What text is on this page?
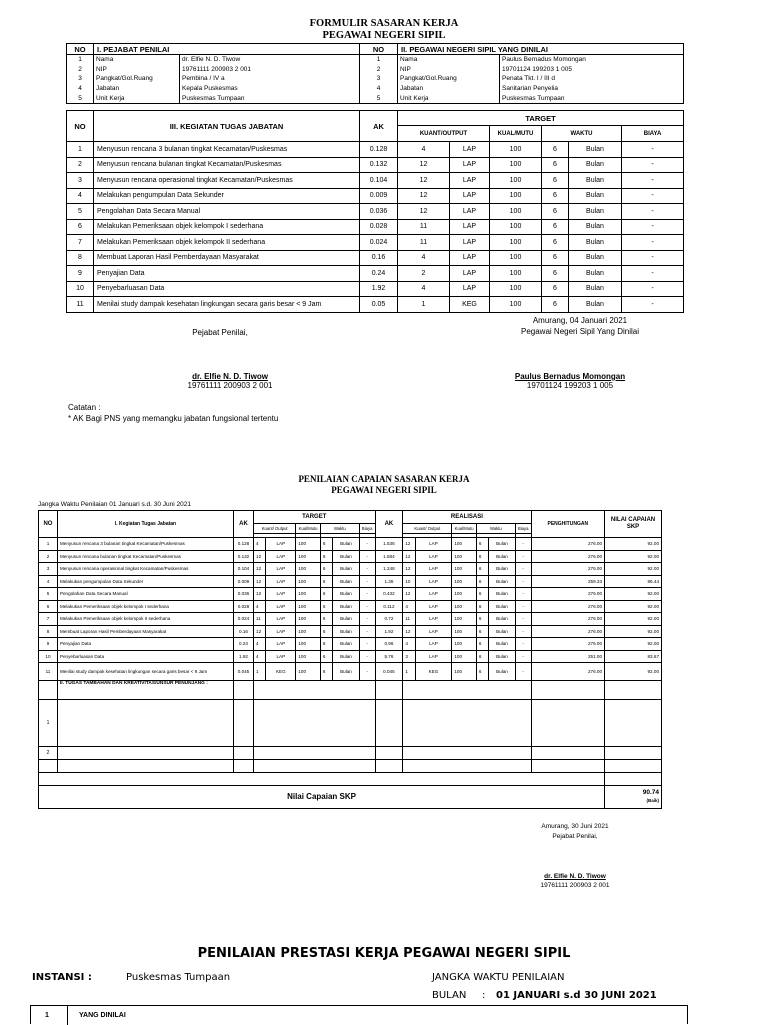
FORMULIR SASARAN KERJA
PEGAWAI NEGERI SIPIL
NO	I. PEJABAT PENILAI		NO	II. PEGAWAI NEGERI SIPIL YANG DINILAI	
1	Nama	dr. Elfie N. D. Tiwow	1	Nama	Paulus Bernadus Momongan
2	NIP	19761111 200903 2 001	2	NIP	19701124 199203 1 005
3	Pangkat/Gol.Ruang	Pembina / IV a	3	Pangkat/Gol.Ruang	Penata Tkt. I / III d
4	Jabatan	Kepala Puskesmas	4	Jabatan	Sanitarian Penyelia
5	Unit Kerja	Puskesmas Tumpaan	5	Unit Kerja	Puskesmas Tumpaan
NO	III. KEGIATAN TUGAS JABATAN	AK	TARGET					
			KUANT/OUTPUT		KUAL/MUTU	WAKTU		BIAYA
1	Menyusun rencana 3 bulanan tingkat Kecamatan/Puskesmas	0.128	4	LAP	100	6	Bulan	-
2	Menyusun rencana bulanan tingkat Kecamatan/Puskesmas	0.132	12	LAP	100	6	Bulan	-
3	Menyusun rencana operasional tingkat Kecamatan/Puskesmas	0.104	12	LAP	100	6	Bulan	-
4	Melakukan pengumpulan Data Sekunder	0.009	12	LAP	100	6	Bulan	-
5	Pengolahan Data Secara Manual	0.036	12	LAP	100	6	Bulan	-
6	Melakukan Pemeriksaan objek kelompok I sederhana	0.028	11	LAP	100	6	Bulan	-
7	Melakukan Pemeriksaan objek kelompok II sederhana	0.024	11	LAP	100	6	Bulan	-
8	Membuat Laporan Hasil Pemberdayaan Masyarakat	0.16	4	LAP	100	6	Bulan	-
9	Penyajian Data	0.24	2	LAP	100	6	Bulan	-
10	Penyebarluasan Data	1.92	4	LAP	100	6	Bulan	-
11	Menilai study dampak kesehatan lingkungan secara garis besar < 9 Jam	0.05	1	KEG	100	6	Bulan	-
Amurang, 04 Januari 2021
Pejabat Penilai,	Pegawai Negeri Sipil Yang Dinilai
dr. Elfie N. D. Tiwow
19761111 200903 2 001
Paulus Bernadus Momongan
19701124 199203 1 005
Catatan :
* AK Bagi PNS yang memangku jabatan fungsional tertentu
PENILAIAN CAPAIAN SASARAN KERJA
PEGAWAI NEGERI SIPIL
Jangka Waktu Penilaian 01 Januari s.d. 30 Juni 2021
NO	I. Kegiatan Tugas Jabatan	AK	TARGET						AK	REALISASI						PENGHITUNGAN	NILAI CAPAIAN SKP
			Kuant/ Output		Kual/Mutu	Waktu		Biaya		Kuant/ Output		Kual/Mutu	Waktu		Biaya		

1	Menyusun rencana 3 bulanan tingkat Kecamatan/Puskesmas	0.128	4	LAP	100	6	Bulan	-	1.536	12	LAP	100	6	Bulan	-	276.00	92.00
2	Menyusun rencana bulanan tingkat Kecamatan/Puskesmas	0.132	12	LAP	100	6	Bulan	-	1.584	12	LAP	100	6	Bulan	-	276.00	92.00
3	Menyusun rencana operasional tingkat Kecamatan/Puskesmas	0.104	12	LAP	100	6	Bulan	-	1.248	12	LAP	100	6	Bulan	-	276.00	92.00
4	Melakukan pengumpulan Data Sekunder	0.009	12	LAP	100	6	Bulan	-	1.36	10	LAP	100	6	Bulan	-	259.33	86.44
5	Pengolahan Data Secara Manual	0.036	12	LAP	100	6	Bulan	-	0.432	12	LAP	100	6	Bulan	-	276.00	92.00
6	Melakukan Pemeriksaan objek kelompok I sederhana	0.028	4	LAP	100	6	Bulan	-	0.112	4	LAP	100	6	Bulan	-	276.00	92.00
7	Melakukan Pemeriksaan objek kelompok II sederhana	0.024	11	LAP	100	6	Bulan	-	0.72	11	LAP	100	6	Bulan	-	276.00	92.00
8	Membuat Laporan Hasil Pemberdayaan Masyarakat	0.16	12	LAP	100	6	Bulan	-	1.92	12	LAP	100	6	Bulan	-	276.00	92.00
9	Penyajian Data	0.24	4	LAP	100	6	Bulan	-	0.96	4	LAP	100	6	Bulan	-	276.00	92.00
10	Penyebarluasan Data	1.92	4	LAP	100	6	Bulan	-	5.76	3	LAP	100	6	Bulan	-	251.00	83.67
11	Menilai study dampak kesehatan lingkungan secara garis besar < 9 Jam	0.045	1	KEG	100	6	Bulan	-	0.045	1	KEG	100	6	Bulan	-	276.00	92.00
	II. TUGAS TAMBAHAN DAN KREATIVITAS/UNSUR PENUNJANG :																
1																	
2																	

Nilai Capaian SKP																	90.74
(Baik)
Amurang, 30 Juni 2021
Pejabat Penilai,
dr. Elfie N. D. Tiwow
19761111 200903 2 001
PENILAIAN PRESTASI KERJA PEGAWAI NEGERI SIPIL
INSTANSI :	Puskesmas Tumpaan	JANGKA WAKTU PENILAIAN
BULAN : 01 JANUARI s.d 30 JUNI 2021
1	YANG DINILAI
